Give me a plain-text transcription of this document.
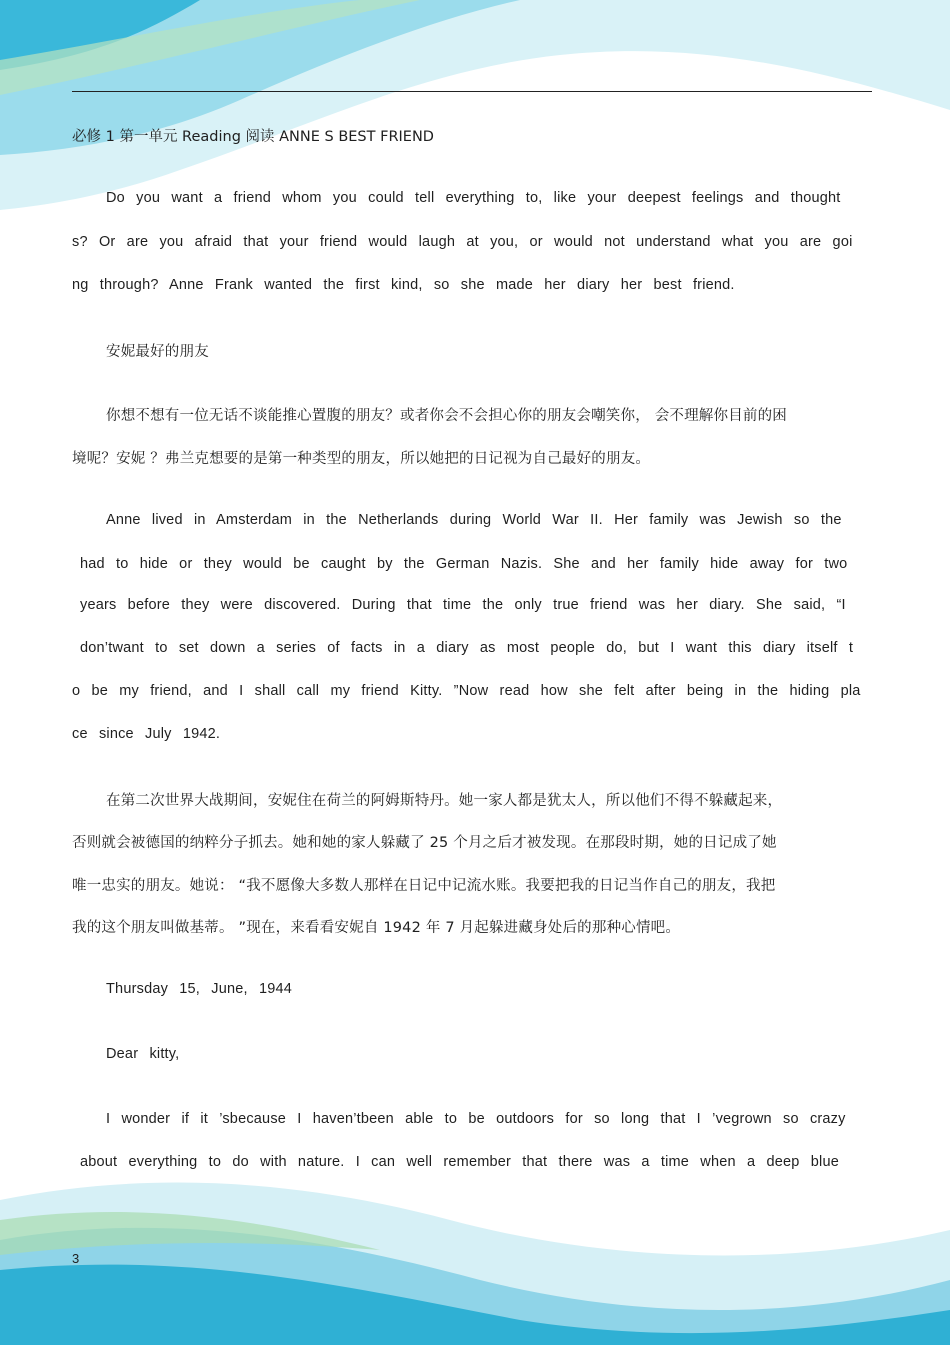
必修 1 第一单元 Reading 阅读 ANNE S BEST FRIEND
Do you want a friend whom you could tell everything to, like your deepest feelings and thought
s? Or are you afraid that your friend would laugh at you, or would not understand what you are goi
ng through? Anne Frank wanted the first kind, so she made her diary her best friend.
安妮最好的朋友
你想不想有一位无话不谈能推心置腹的朋友？或者你会不会担心你的朋友会嘲笑你， 会不理解你目前的困
境呢？安妮 ？弗兰克想要的是第一种类型的朋友，所以她把的日记视为自己最好的朋友。
Anne lived in Amsterdam in the Netherlands during World War II. Her family was Jewish so the
had to hide or they would be caught by the German Nazis. She and her family hide away for two
years before they were discovered. During that time the only true friend was her diary. She said, “I
don’twant to set down a series of facts in a diary as most people do, but I want this diary itself t
o be my friend, and I shall call my friend Kitty. ”Now read how she felt after being in the hiding pla
ce since July 1942.
在第二次世界大战期间，安妮住在荷兰的阿姆斯特丹。她一家人都是犹太人，所以他们不得不躲藏起来，
否则就会被德国的纳粹分子抓去。她和她的家人躲藏了 25 个月之后才被发现。在那段时期，她的日记成了她
唯一忠实的朋友。她说： “我不愿像大多数人那样在日记中记流水账。我要把我的日记当作自己的朋友，我把
我的这个朋友叫做基蒂。 ”现在，来看看安妮自 1942 年 7 月起躲进藏身处后的那种心情吧。
Thursday 15, June, 1944
Dear kitty,
I wonder if it ’sbecause I haven’tbeen able to be outdoors for so long that I ’vegrown so crazy
about everything to do with nature. I can well remember that there was a time when a deep blue
3
